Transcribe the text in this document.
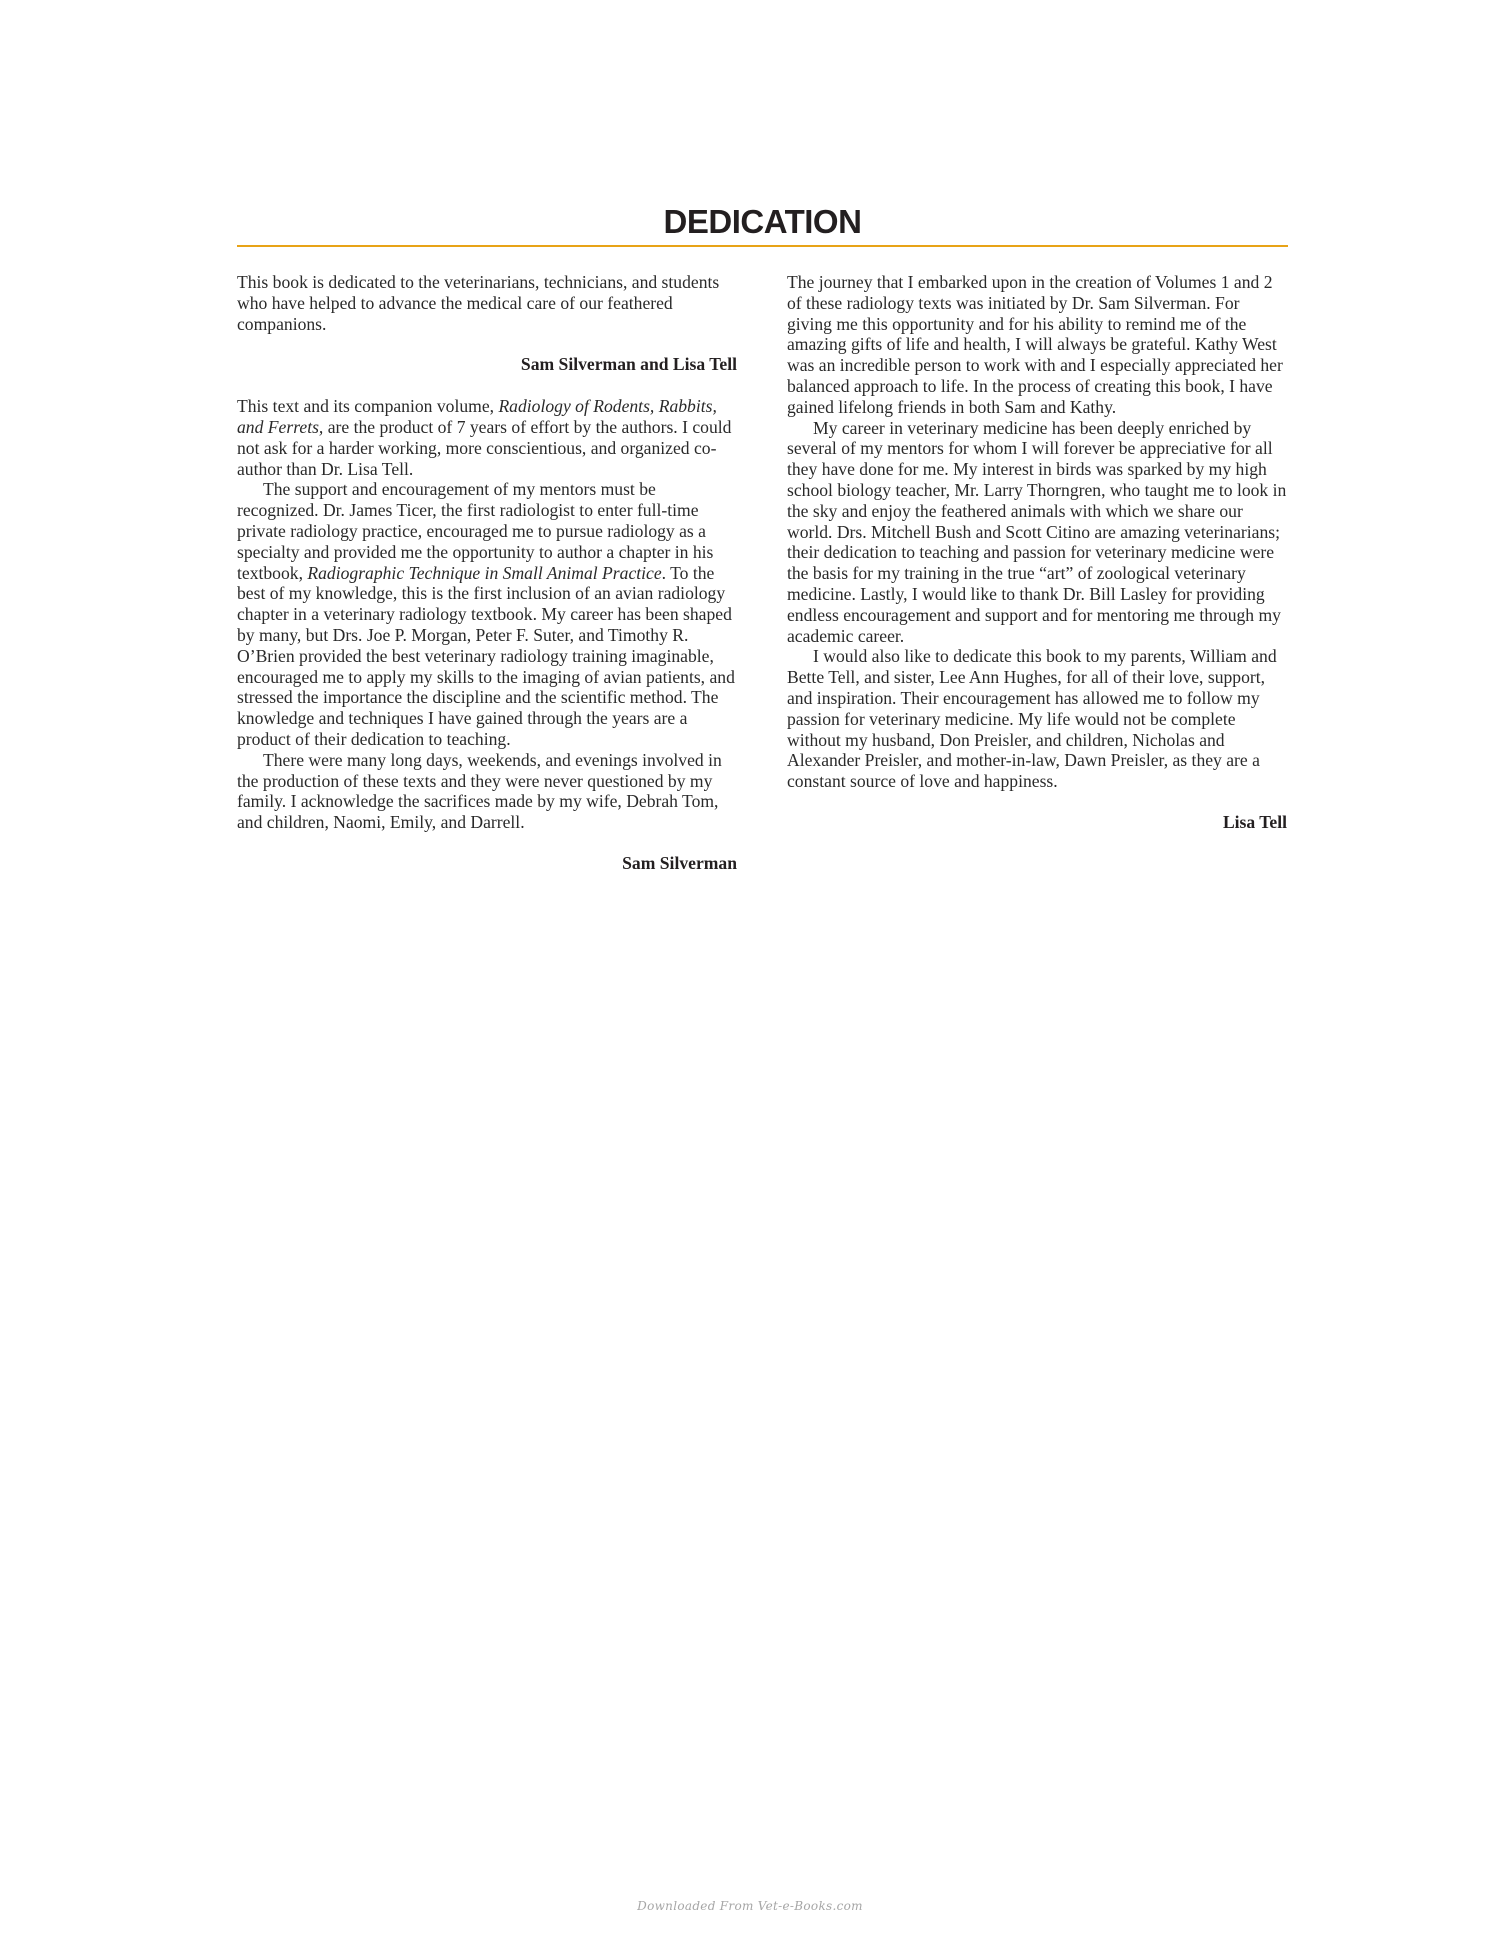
DEDICATION

This book is dedicated to the veterinarians, technicians, and students who have helped to advance the medical care of our feathered companions.

Sam Silverman and Lisa Tell

This text and its companion volume, Radiology of Rodents, Rabbits, and Ferrets, are the product of 7 years of effort by the authors. I could not ask for a harder working, more conscientious, and organized co-author than Dr. Lisa Tell.

The support and encouragement of my mentors must be recognized. Dr. James Ticer, the first radiologist to enter full-time private radiology practice, encouraged me to pursue radiology as a specialty and provided me the opportunity to author a chapter in his textbook, Radiographic Technique in Small Animal Practice. To the best of my knowledge, this is the first inclusion of an avian radiology chapter in a veterinary radiology textbook. My career has been shaped by many, but Drs. Joe P. Morgan, Peter F. Suter, and Timothy R. O’Brien provided the best veterinary radiology training imaginable, encouraged me to apply my skills to the imaging of avian patients, and stressed the importance the discipline and the scientific method. The knowledge and techniques I have gained through the years are a product of their dedication to teaching.

There were many long days, weekends, and evenings involved in the production of these texts and they were never questioned by my family. I acknowledge the sacrifices made by my wife, Debrah Tom, and children, Naomi, Emily, and Darrell.

Sam Silverman

The journey that I embarked upon in the creation of Volumes 1 and 2 of these radiology texts was initiated by Dr. Sam Silverman. For giving me this opportunity and for his ability to remind me of the amazing gifts of life and health, I will always be grateful. Kathy West was an incredible person to work with and I especially appreciated her balanced approach to life. In the process of creating this book, I have gained lifelong friends in both Sam and Kathy.

My career in veterinary medicine has been deeply enriched by several of my mentors for whom I will forever be appreciative for all they have done for me. My interest in birds was sparked by my high school biology teacher, Mr. Larry Thorngren, who taught me to look in the sky and enjoy the feathered animals with which we share our world. Drs. Mitchell Bush and Scott Citino are amazing veterinarians; their dedication to teaching and passion for veterinary medicine were the basis for my training in the true “art” of zoological veterinary medicine. Lastly, I would like to thank Dr. Bill Lasley for providing endless encouragement and support and for mentoring me through my academic career.

I would also like to dedicate this book to my parents, William and Bette Tell, and sister, Lee Ann Hughes, for all of their love, support, and inspiration. Their encouragement has allowed me to follow my passion for veterinary medicine. My life would not be complete without my husband, Don Preisler, and children, Nicholas and Alexander Preisler, and mother-in-law, Dawn Preisler, as they are a constant source of love and happiness.

Lisa Tell
Downloaded From Vet-e-Books.com
